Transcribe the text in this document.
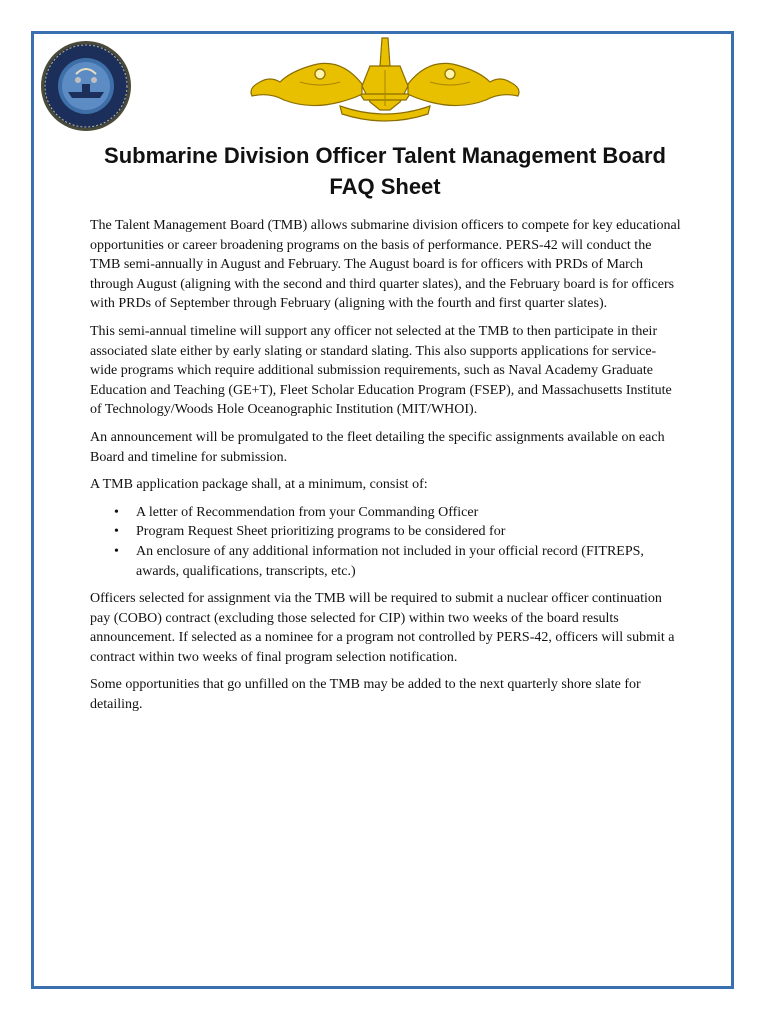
Submarine Division Officer Talent Management Board
FAQ Sheet

The Talent Management Board (TMB) allows submarine division officers to compete for key educational opportunities or career broadening programs on the basis of performance. PERS-42 will conduct the TMB semi-annually in August and February. The August board is for officers with PRDs of March through August (aligning with the second and third quarter slates), and the February board is for officers with PRDs of September through February (aligning with the fourth and first quarter slates).

This semi-annual timeline will support any officer not selected at the TMB to then participate in their associated slate either by early slating or standard slating. This also supports applications for service-wide programs which require additional submission requirements, such as Naval Academy Graduate Education and Teaching (GE+T), Fleet Scholar Education Program (FSEP), and Massachusetts Institute of Technology/Woods Hole Oceanographic Institution (MIT/WHOI).

An announcement will be promulgated to the fleet detailing the specific assignments available on each Board and timeline for submission.

A TMB application package shall, at a minimum, consist of:

• A letter of Recommendation from your Commanding Officer
• Program Request Sheet prioritizing programs to be considered for
• An enclosure of any additional information not included in your official record (FITREPS, awards, qualifications, transcripts, etc.)

Officers selected for assignment via the TMB will be required to submit a nuclear officer continuation pay (COBO) contract (excluding those selected for CIP) within two weeks of the board results announcement. If selected as a nominee for a program not controlled by PERS-42, officers will submit a contract within two weeks of final program selection notification.

Some opportunities that go unfilled on the TMB may be added to the next quarterly shore slate for detailing.
